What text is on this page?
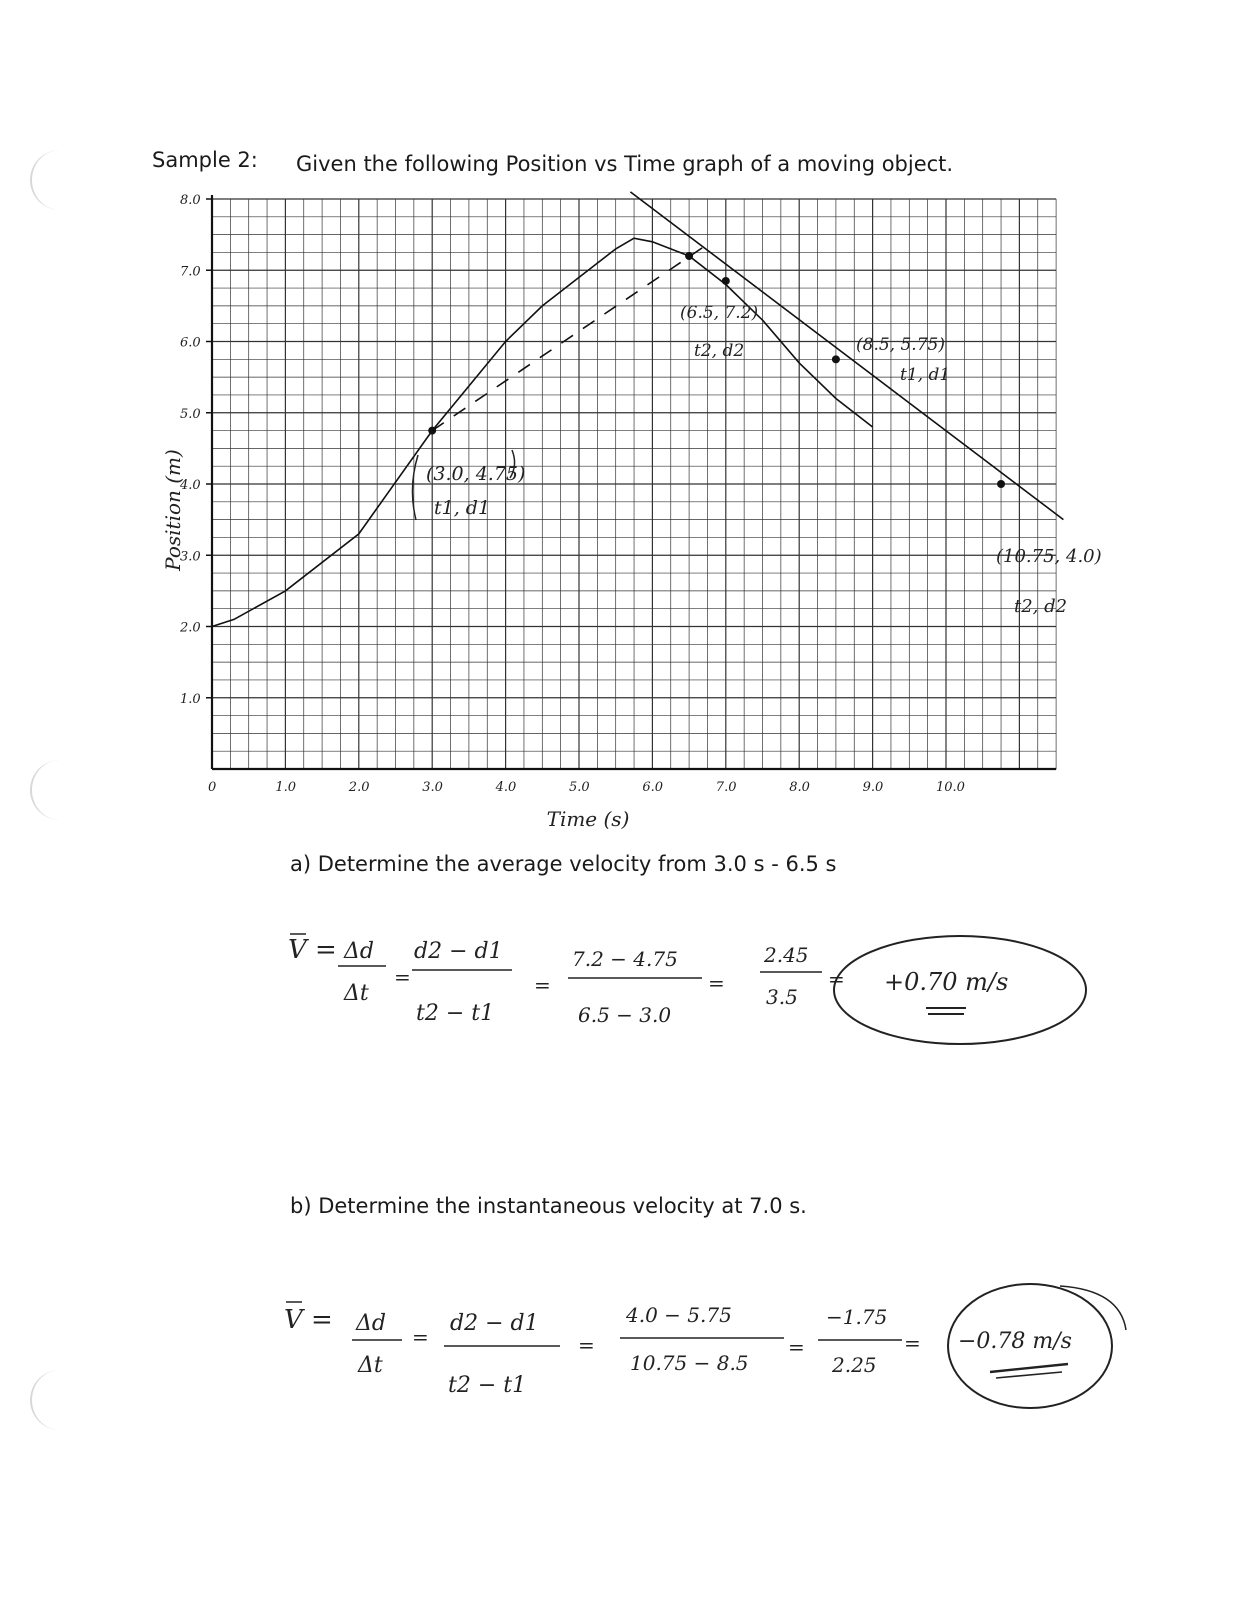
Sample 2: Given the following Position vs Time graph of a moving object.
8.0
7.0
6.0
5.0
4.0
3.0
2.0
1.0
0	1.0	2.0	3.0	4.0	5.0	6.0	7.0	8.0	9.0	10.0
Position (m)
Time (s)
(3.0, 4.75)
t1, d1
(6.5, 7.2)
t2, d2	(8.5, 5.75)
t1, d1
(10.75, 4.0)
t2, d2
a) Determine the average velocity from 3.0 s - 6.5 s
V = Δd
Δt
=
d2 − d1
t2 − t1
=
7.2 − 4.75
6.5 − 3.0
=
2.45
3.5
= +0.70 m/s
b) Determine the instantaneous velocity at 7.0 s.
V = Δd
Δt
=
d2 − d1
t2 − t1
=
4.0 − 5.75
10.75 − 8.5
=
−1.75
2.25
= −0.78 m/s
